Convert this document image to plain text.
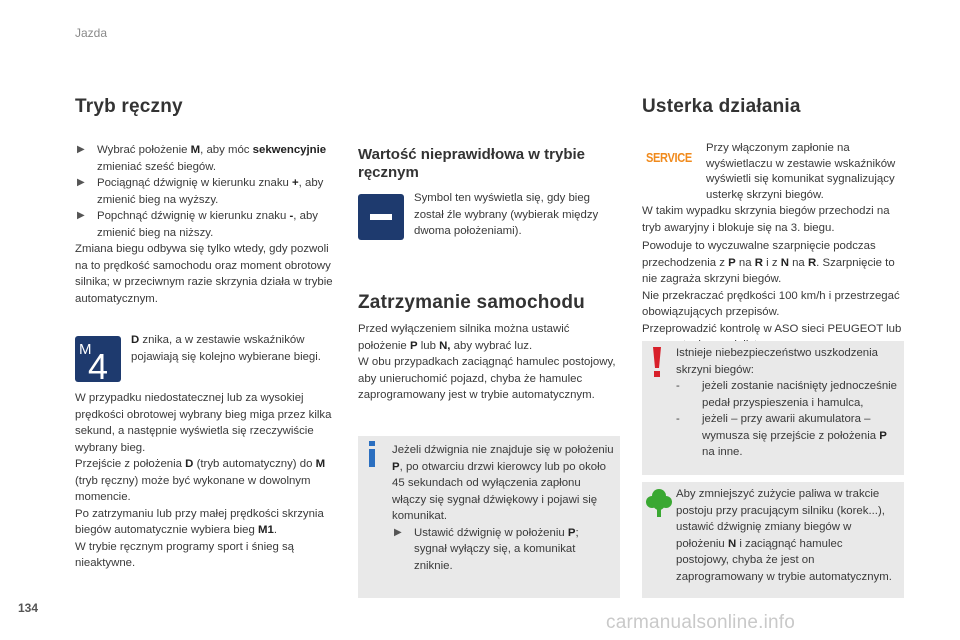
Jazda
Tryb ręczny
▶ Wybrać położenie M, aby móc sekwencyjnie zmieniać sześć biegów.
▶ Pociągnąć dźwignię w kierunku znaku +, aby zmienić bieg na wyższy.
▶ Popchnąć dźwignię w kierunku znaku -, aby zmienić bieg na niższy.
Zmiana biegu odbywa się tylko wtedy, gdy pozwoli na to prędkość samochodu oraz moment obrotowy silnika; w przeciwnym razie skrzynia działa w trybie automatycznym.
M
4
D znika, a w zestawie wskaźników pojawiają się kolejno wybierane biegi.
W przypadku niedostatecznej lub za wysokiej prędkości obrotowej wybrany bieg miga przez kilka sekund, a następnie wyświetla się rzeczywiście wybrany bieg.
Przejście z położenia D (tryb automatyczny) do M (tryb ręczny) może być wykonane w dowolnym momencie.
Po zatrzymaniu lub przy małej prędkości skrzynia biegów automatycznie wybiera bieg M1.
W trybie ręcznym programy sport i śnieg są nieaktywne.
Wartość nieprawidłowa w trybie ręcznym
Symbol ten wyświetla się, gdy bieg został źle wybrany (wybierak między dwoma położeniami).
Zatrzymanie samochodu
Przed wyłączeniem silnika można ustawić położenie P lub N, aby wybrać luz.
W obu przypadkach zaciągnąć hamulec postojowy, aby unieruchomić pojazd, chyba że hamulec zaprogramowany jest w trybie automatycznym.
Jeżeli dźwignia nie znajduje się w położeniu P, po otwarciu drzwi kierowcy lub po około 45 sekundach od wyłączenia zapłonu włączy się sygnał dźwiękowy i pojawi się komunikat.
▶ Ustawić dźwignię w położeniu P; sygnał wyłączy się, a komunikat zniknie.
Usterka działania
SERVICE
Przy włączonym zapłonie na wyświetlaczu w zestawie wskaźników wyświetli się komunikat sygnalizujący usterkę skrzyni biegów.
W takim wypadku skrzynia biegów przechodzi na tryb awaryjny i blokuje się na 3. biegu.
Powoduje to wyczuwalne szarpnięcie podczas przechodzenia z P na R i z N na R. Szarpnięcie to nie zagraża skrzyni biegów.
Nie przekraczać prędkości 100 km/h i przestrzegać obowiązujących przepisów.
Przeprowadzić kontrolę w ASO sieci PEUGEOT lub
Istnieje niebezpieczeństwo uszkodzenia skrzyni biegów:
- jeżeli zostanie naciśnięty jednocześnie pedał przyspieszenia i hamulca,
- jeżeli – przy awarii akumulatora – wymusza się przejście z położenia P na inne.
Aby zmniejszyć zużycie paliwa w trakcie postoju przy pracującym silniku (korek...), ustawić dźwignię zmiany biegów w położeniu N i zaciągnąć hamulec postojowy, chyba że jest on zaprogramowany w trybie automatycznym.
134
carmanualsonline.info
